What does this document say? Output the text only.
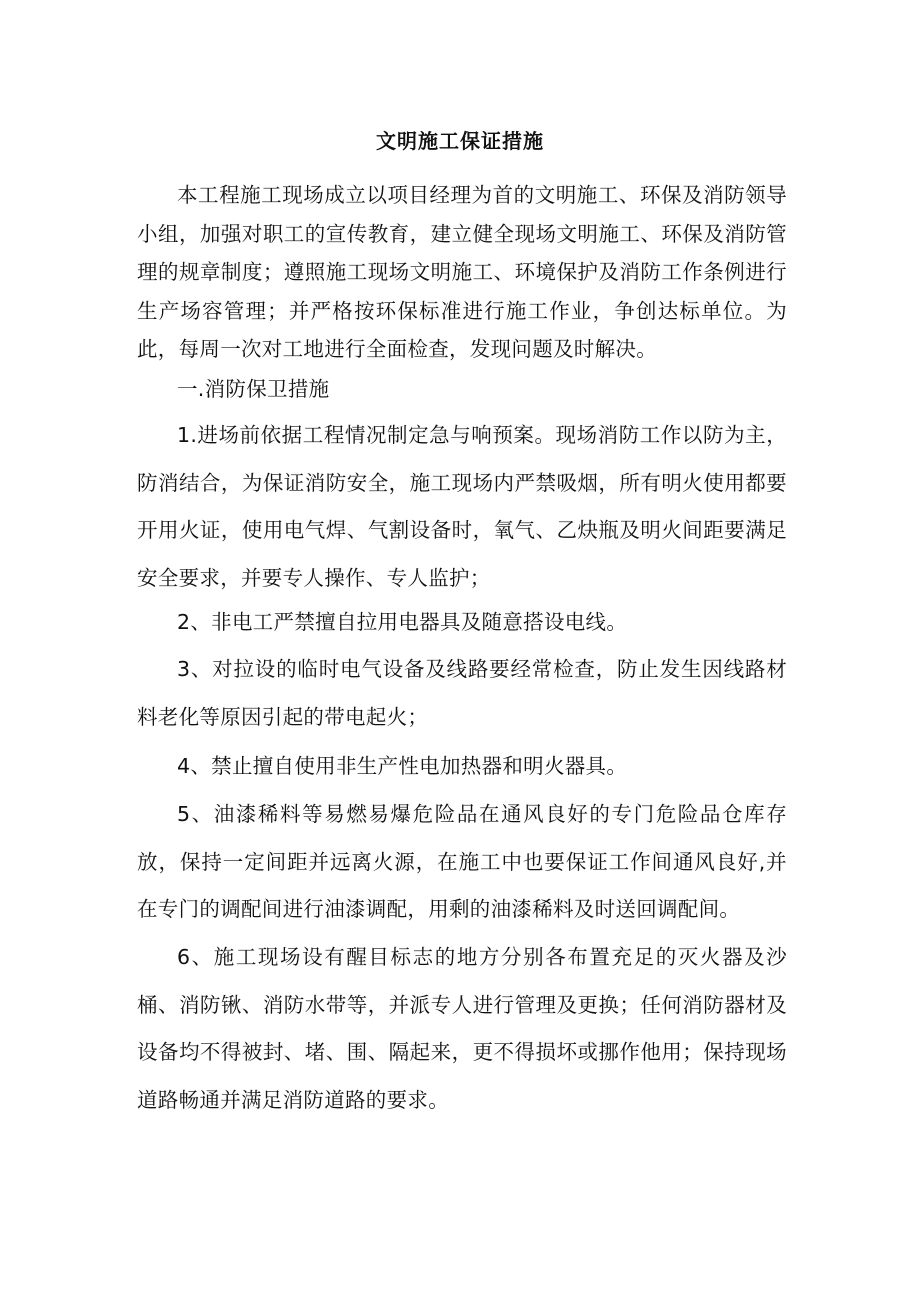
文明施工保证措施

本工程施工现场成立以项目经理为首的文明施工、环保及消防领导小组，加强对职工的宣传教育，建立健全现场文明施工、环保及消防管理的规章制度；遵照施工现场文明施工、环境保护及消防工作条例进行生产场容管理；并严格按环保标准进行施工作业，争创达标单位。为此，每周一次对工地进行全面检查，发现问题及时解决。

一.消防保卫措施

1.进场前依据工程情况制定急与响预案。现场消防工作以防为主，防消结合，为保证消防安全，施工现场内严禁吸烟，所有明火使用都要开用火证，使用电气焊、气割设备时，氧气、乙炔瓶及明火间距要满足安全要求，并要专人操作、专人监护；

2、非电工严禁擅自拉用电器具及随意搭设电线。

3、对拉设的临时电气设备及线路要经常检查，防止发生因线路材料老化等原因引起的带电起火；

4、禁止擅自使用非生产性电加热器和明火器具。

5、油漆稀料等易燃易爆危险品在通风良好的专门危险品仓库存放，保持一定间距并远离火源，在施工中也要保证工作间通风良好,并在专门的调配间进行油漆调配，用剩的油漆稀料及时送回调配间。

6、施工现场设有醒目标志的地方分别各布置充足的灭火器及沙桶、消防锹、消防水带等，并派专人进行管理及更换；任何消防器材及设备均不得被封、堵、围、隔起来，更不得损坏或挪作他用；保持现场道路畅通并满足消防道路的要求。
